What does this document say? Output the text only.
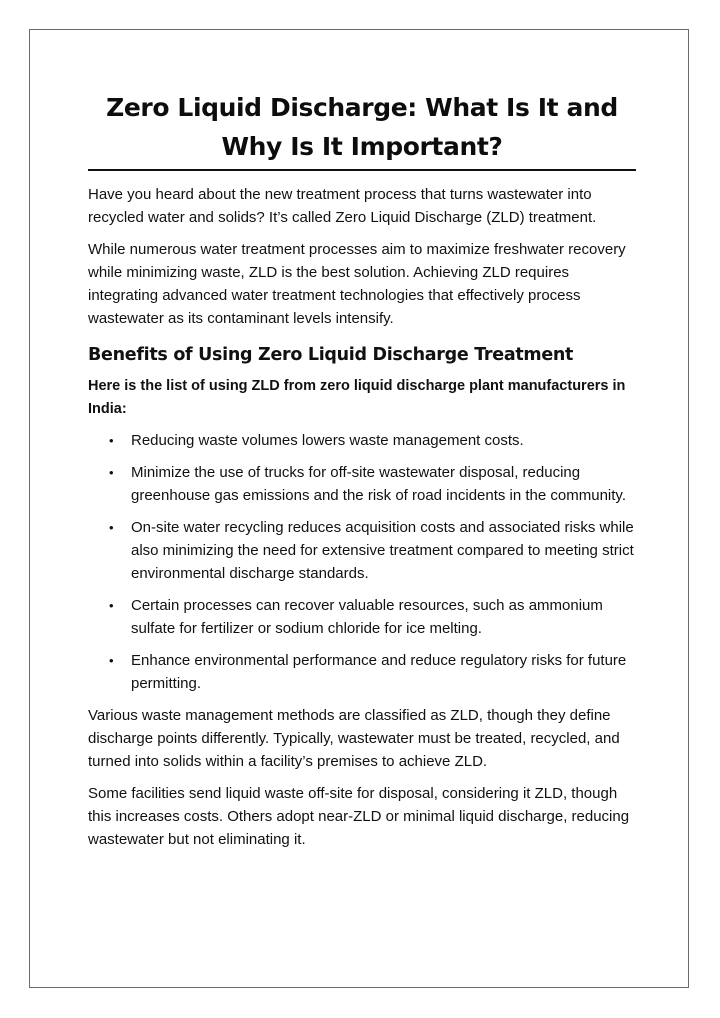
Zero Liquid Discharge: What Is It and Why Is It Important?

Have you heard about the new treatment process that turns wastewater into recycled water and solids? It’s called Zero Liquid Discharge (ZLD) treatment.

While numerous water treatment processes aim to maximize freshwater recovery while minimizing waste, ZLD is the best solution. Achieving ZLD requires integrating advanced water treatment technologies that effectively process wastewater as its contaminant levels intensify.

Benefits of Using Zero Liquid Discharge Treatment

Here is the list of using ZLD from zero liquid discharge plant manufacturers in India:

• Reducing waste volumes lowers waste management costs.
• Minimize the use of trucks for off-site wastewater disposal, reducing greenhouse gas emissions and the risk of road incidents in the community.
• On-site water recycling reduces acquisition costs and associated risks while also minimizing the need for extensive treatment compared to meeting strict environmental discharge standards.
• Certain processes can recover valuable resources, such as ammonium sulfate for fertilizer or sodium chloride for ice melting.
• Enhance environmental performance and reduce regulatory risks for future permitting.

Various waste management methods are classified as ZLD, though they define discharge points differently. Typically, wastewater must be treated, recycled, and turned into solids within a facility’s premises to achieve ZLD.

Some facilities send liquid waste off-site for disposal, considering it ZLD, though this increases costs. Others adopt near-ZLD or minimal liquid discharge, reducing wastewater but not eliminating it.
